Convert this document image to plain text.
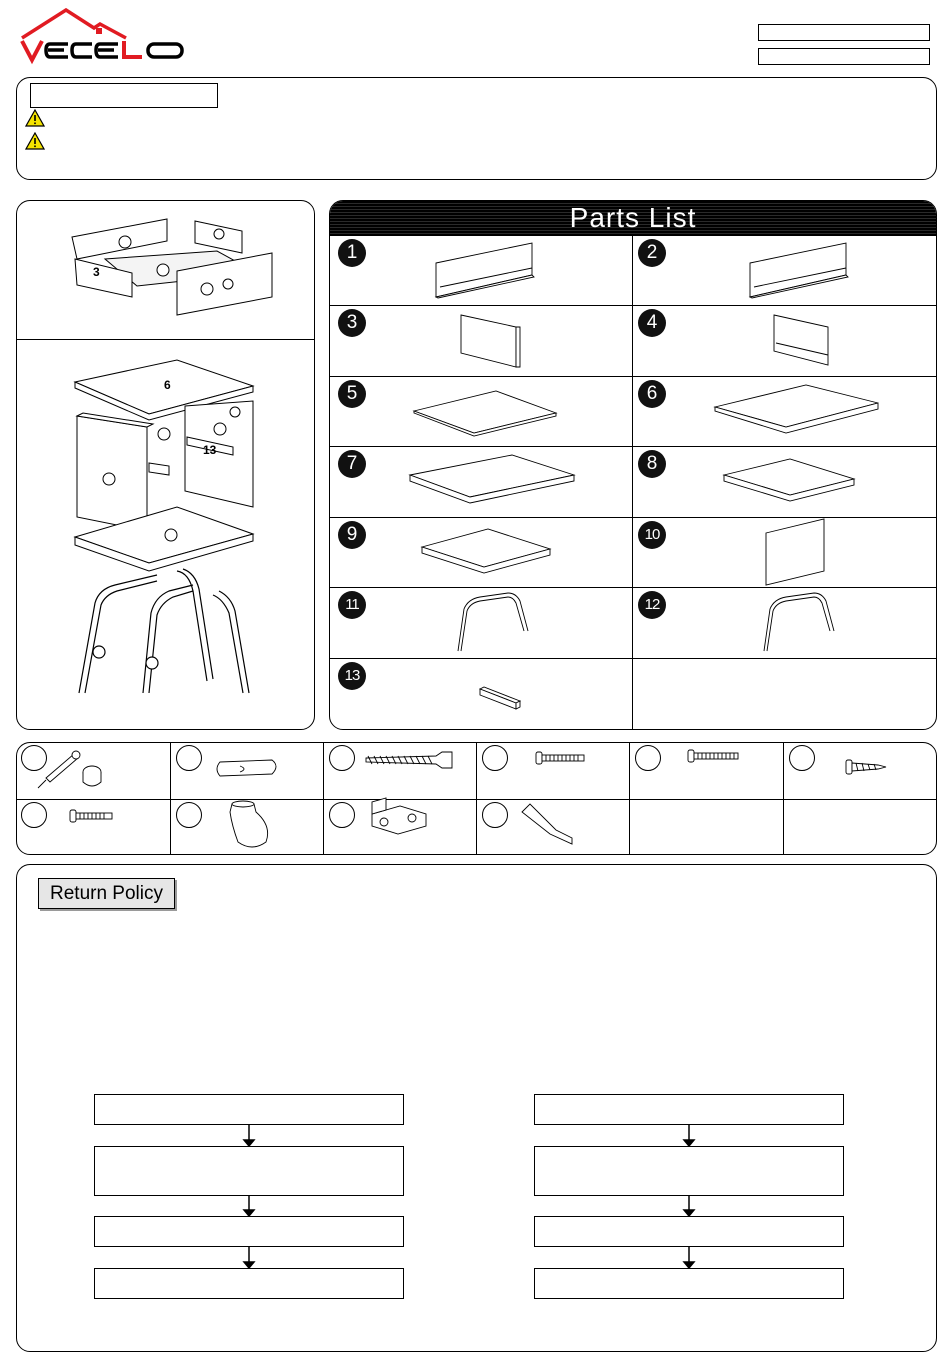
3
6
13
Parts List
1	2
3	4
5	6
7	8
9	10
11	12
13
Return Policy
